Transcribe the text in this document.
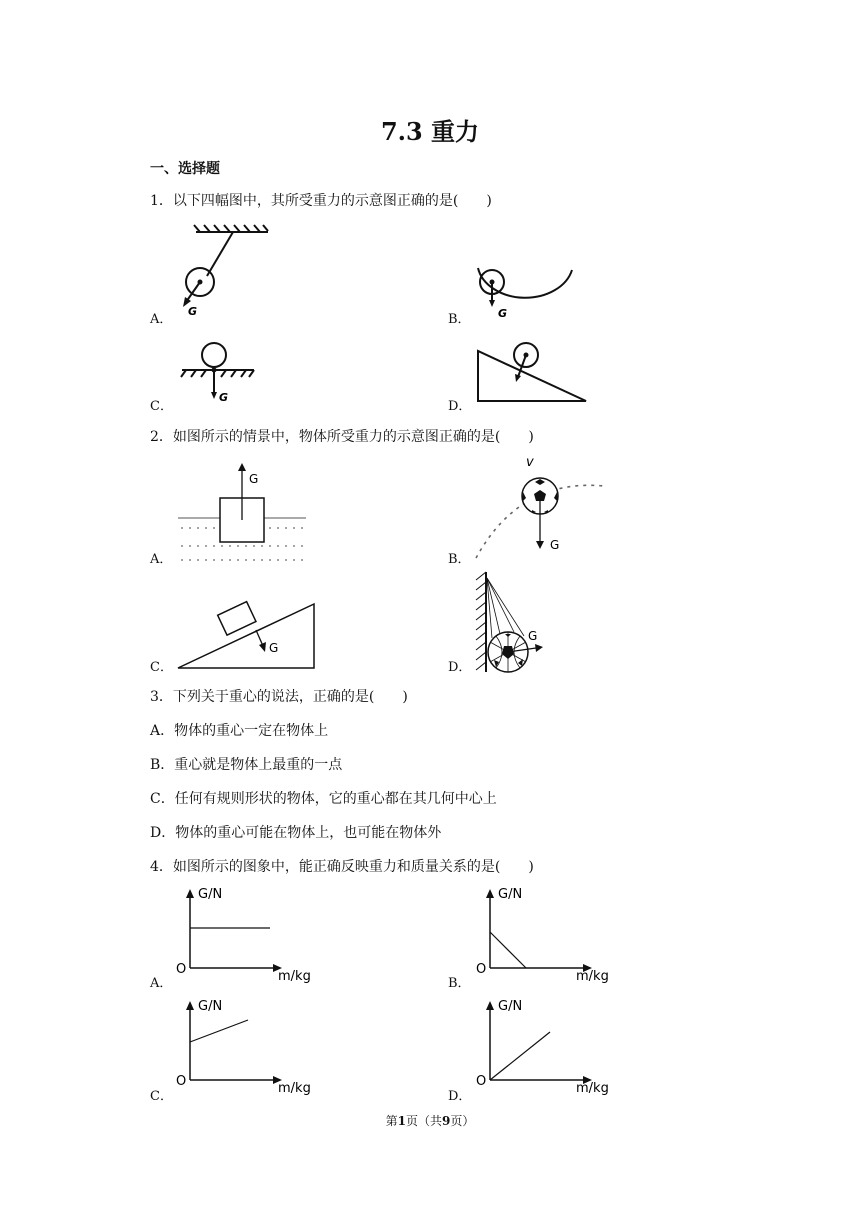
7.3 重力
一、选择题
1．以下四幅图中，其所受重力的示意图正确的是(　　)
A．	B．
C．	D．
G	G
G
2．如图所示的情景中，物体所受重力的示意图正确的是(　　)
A．	B．
C．	D．
G
v
G
G
G
3．下列关于重心的说法，正确的是(　　)
A．物体的重心一定在物体上
B．重心就是物体上最重的一点
C．任何有规则形状的物体，它的重心都在其几何中心上
D．物体的重心可能在物体上，也可能在物体外
4．如图所示的图象中，能正确反映重力和质量关系的是(　　)
A．	B．
C．	D．
G/N
O	m/kg
G/N
O	m/kg
G/N
O	m/kg
G/N
O	m/kg
第1页（共9页）
